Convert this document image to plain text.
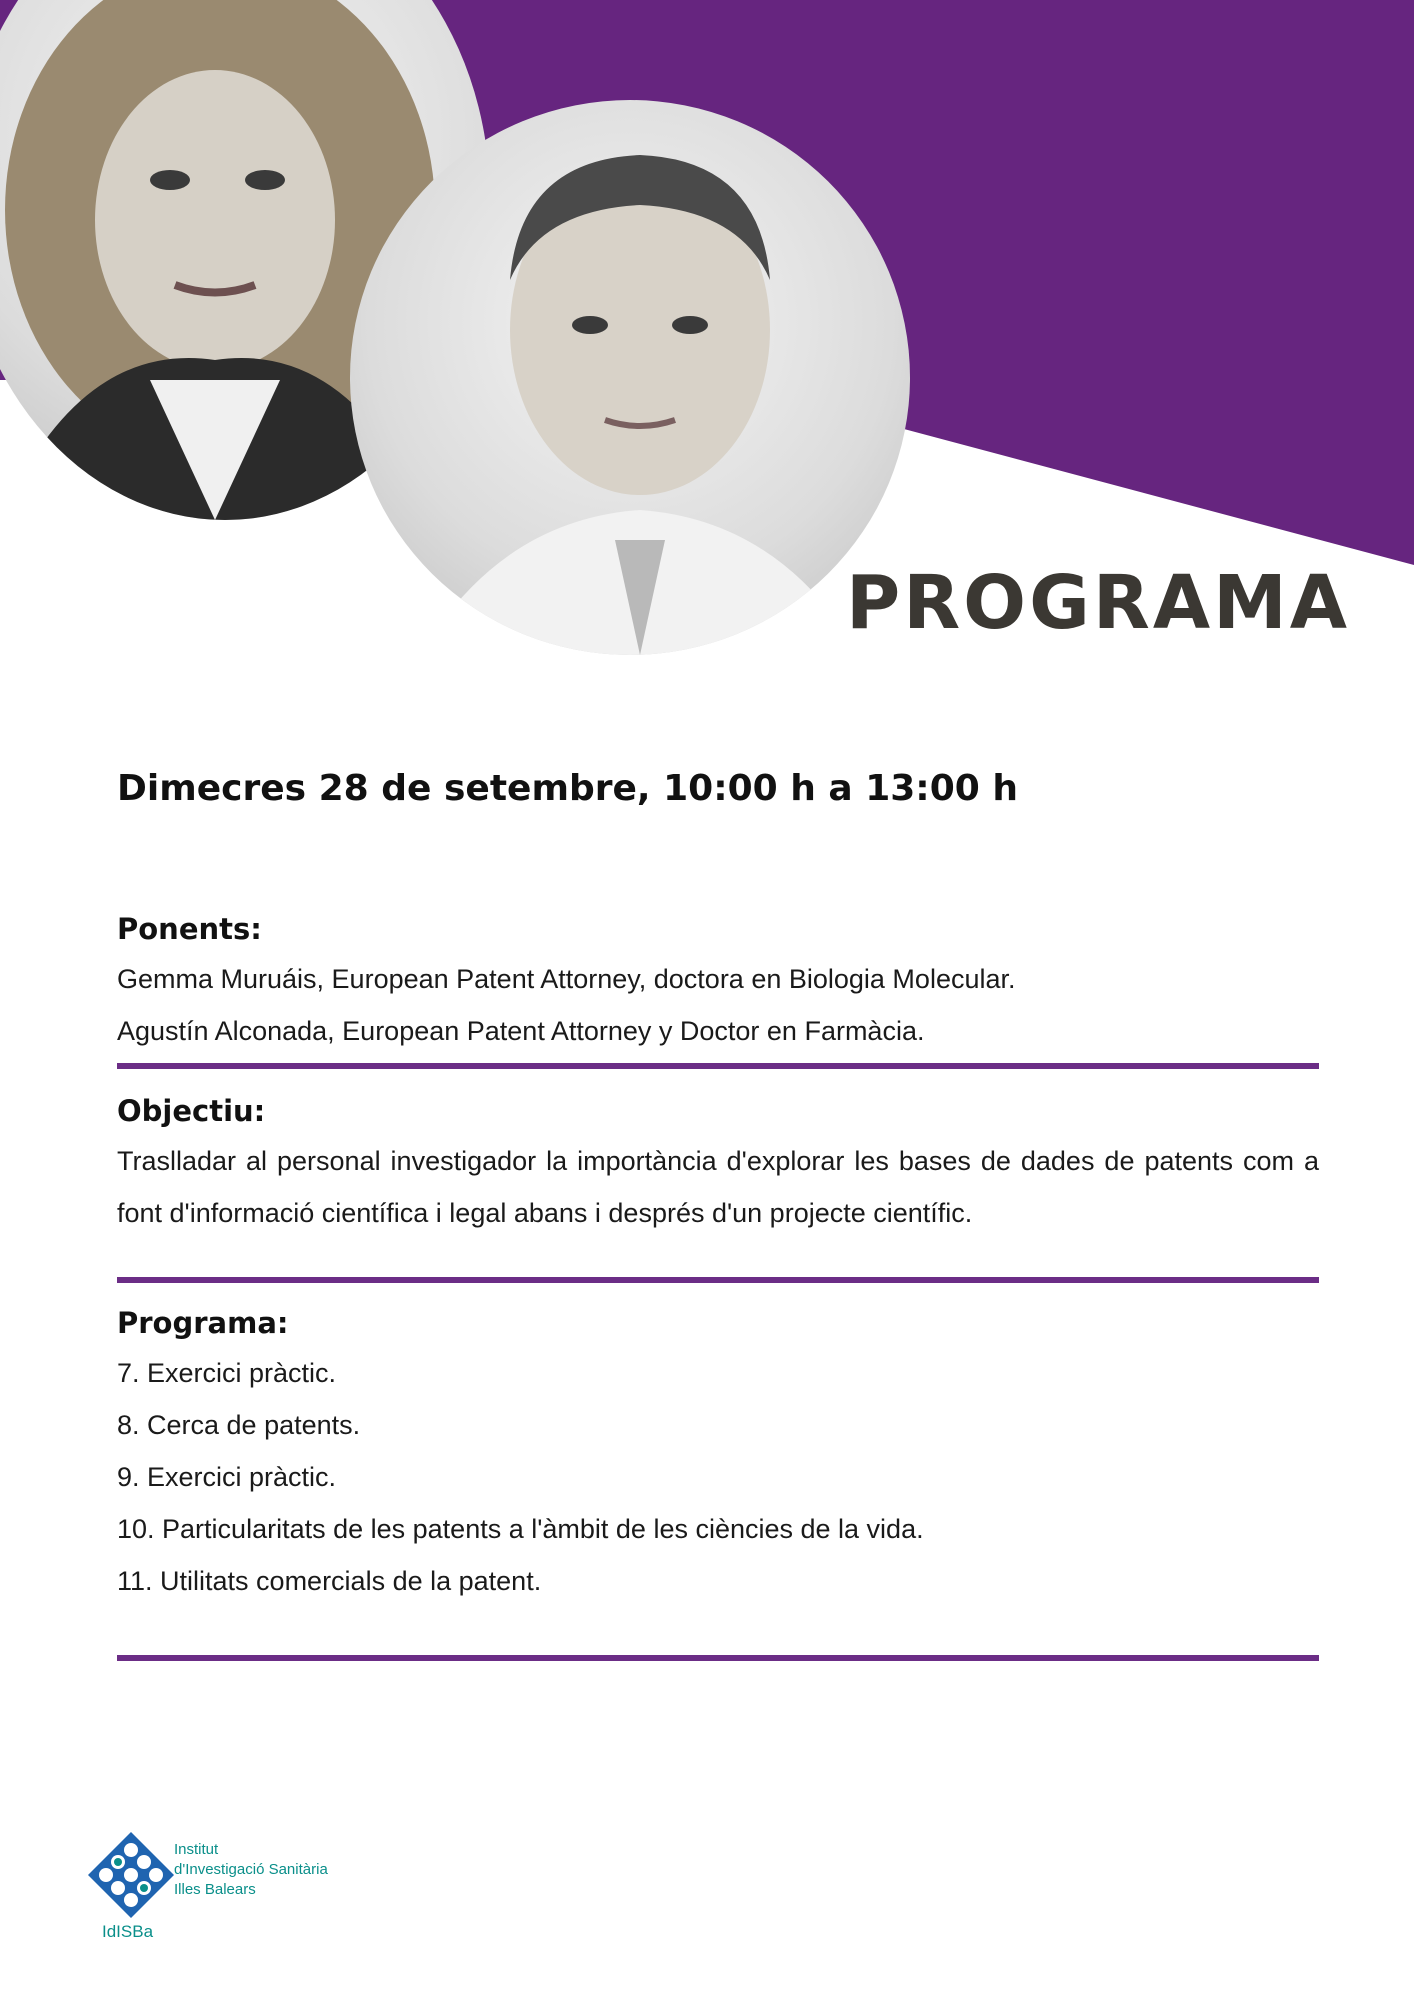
PROGRAMA
Dimecres 28 de setembre, 10:00 h a 13:00 h
Ponents:

Gemma Muruáis, European Patent Attorney, doctora en Biologia Molecular.

Agustín Alconada, European Patent Attorney y Doctor en Farmàcia.

Objectiu:

Traslladar al personal investigador la importància d'explorar les bases de dades de patents com a font d'informació científica i legal abans i després d'un projecte científic.

Programa:

7. Exercici pràctic.

8. Cerca de patents.

9. Exercici pràctic.

10. Particularitats de les patents a l'àmbit de les ciències de la vida.

11. Utilitats comercials de la patent.

Institut
d'Investigació Sanitària
Illes Balears
IdISBa
